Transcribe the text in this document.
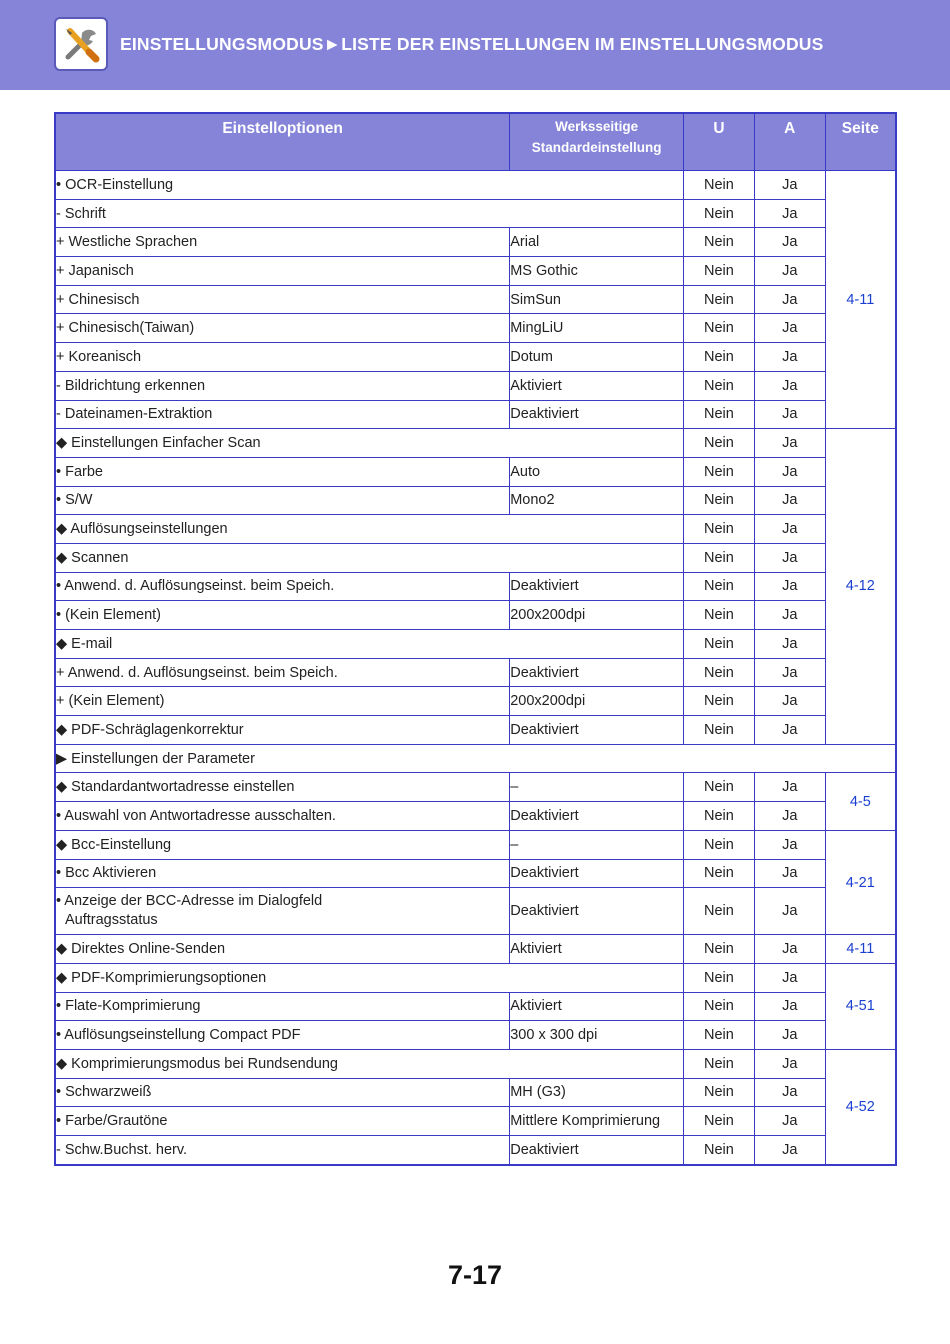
EINSTELLUNGSMODUS►LISTE DER EINSTELLUNGEN IM EINSTELLUNGSMODUS
Einstelloptionen	Werksseitige
Standardeinstellung	U	A	Seite
• OCR-Einstellung		Nein	Ja	4-11
- Schrift		Nein	Ja	
+ Westliche Sprachen	Arial	Nein	Ja	
+ Japanisch	MS Gothic	Nein	Ja	
+ Chinesisch	SimSun	Nein	Ja	
+ Chinesisch(Taiwan)	MingLiU	Nein	Ja	
+ Koreanisch	Dotum	Nein	Ja	
- Bildrichtung erkennen	Aktiviert	Nein	Ja	
- Dateinamen-Extraktion	Deaktiviert	Nein	Ja	
◆ Einstellungen Einfacher Scan		Nein	Ja	4-12
• Farbe	Auto	Nein	Ja	
• S/W	Mono2	Nein	Ja	
◆ Auflösungseinstellungen		Nein	Ja	
◆ Scannen		Nein	Ja	
• Anwend. d. Auflösungseinst. beim Speich.	Deaktiviert	Nein	Ja	
• (Kein Element)	200x200dpi	Nein	Ja	
◆ E-mail		Nein	Ja	
+ Anwend. d. Auflösungseinst. beim Speich.	Deaktiviert	Nein	Ja	
+ (Kein Element)	200x200dpi	Nein	Ja	
◆ PDF-Schräglagenkorrektur	Deaktiviert	Nein	Ja	
▶ Einstellungen der Parameter				
◆ Standardantwortadresse einstellen	–	Nein	Ja	4-5
• Auswahl von Antwortadresse ausschalten.	Deaktiviert	Nein	Ja	
◆ Bcc-Einstellung	–	Nein	Ja	4-21
• Bcc Aktivieren	Deaktiviert	Nein	Ja	

• Anzeige der BCC-Adresse im Dialogfeld
Auftragsstatus	Deaktiviert	Nein	Ja	
◆ Direktes Online-Senden	Aktiviert	Nein	Ja	4-11
◆ PDF-Komprimierungsoptionen		Nein	Ja	4-51
• Flate-Komprimierung	Aktiviert	Nein	Ja	
• Auflösungseinstellung Compact PDF	300 x 300 dpi	Nein	Ja	
◆ Komprimierungsmodus bei Rundsendung		Nein	Ja	4-52
• Schwarzweiß	MH (G3)	Nein	Ja	
• Farbe/Grautöne	Mittlere Komprimierung	Nein	Ja	
- Schw.Buchst. herv.	Deaktiviert	Nein	Ja	
7-17
